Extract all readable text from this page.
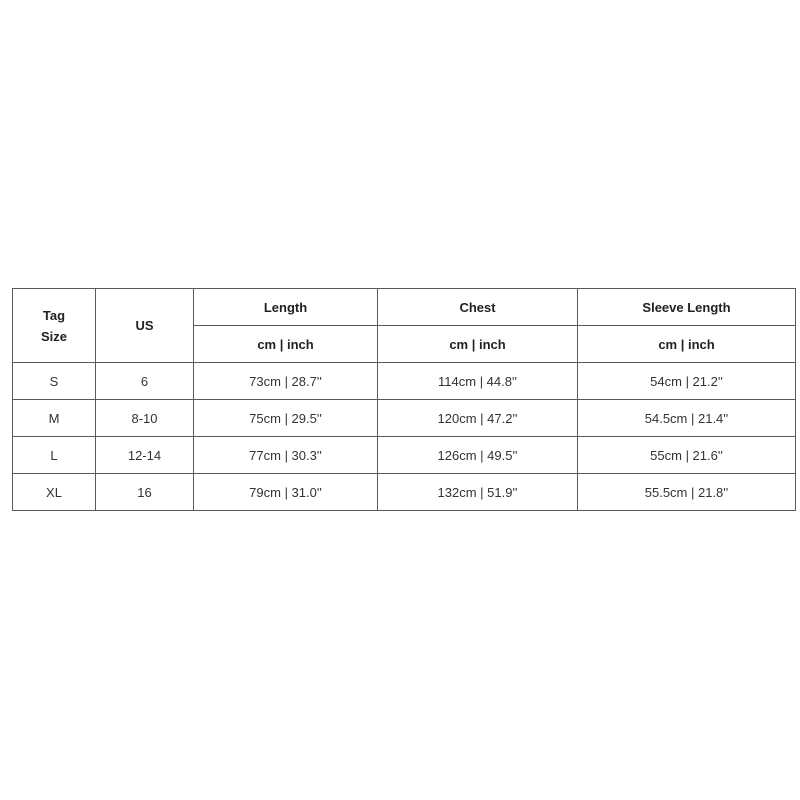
Tag Size	US	Length	Chest	Sleeve Length
		cm | inch	cm | inch	cm | inch
S	6	73cm | 28.7''	114cm | 44.8''	54cm | 21.2''
M	8-10	75cm | 29.5''	120cm | 47.2''	54.5cm | 21.4''
L	12-14	77cm | 30.3''	126cm | 49.5''	55cm | 21.6''
XL	16	79cm | 31.0''	132cm | 51.9''	55.5cm | 21.8''
